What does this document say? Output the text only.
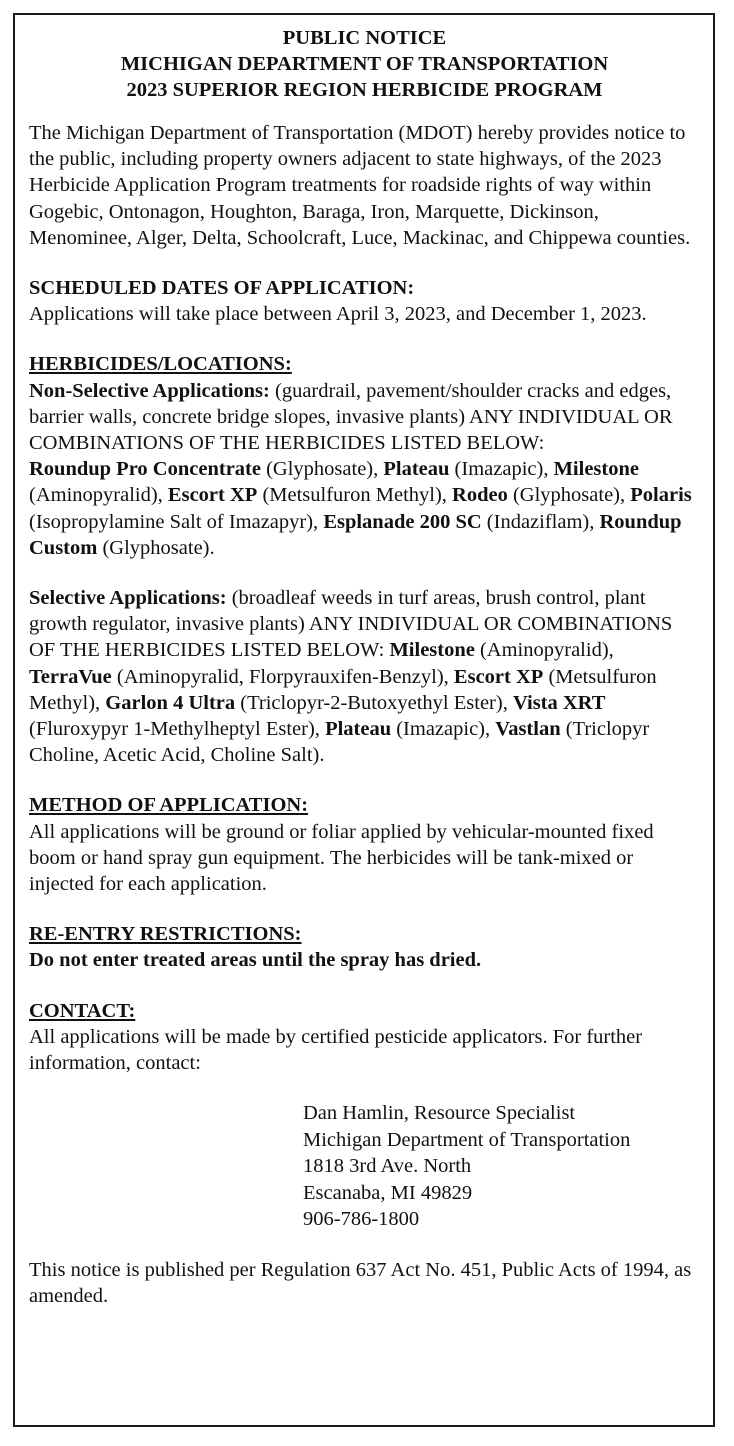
PUBLIC NOTICE
MICHIGAN DEPARTMENT OF TRANSPORTATION
2023 SUPERIOR REGION HERBICIDE PROGRAM

The Michigan Department of Transportation (MDOT) hereby provides notice to the public, including property owners adjacent to state highways, of the 2023 Herbicide Application Program treatments for roadside rights of way within Gogebic, Ontonagon, Houghton, Baraga, Iron, Marquette, Dickinson, Menominee, Alger, Delta, Schoolcraft, Luce, Mackinac, and Chippewa counties.

SCHEDULED DATES OF APPLICATION:

Applications will take place between April 3, 2023, and December 1, 2023.

HERBICIDES/LOCATIONS:

Non-Selective Applications: (guardrail, pavement/shoulder cracks and edges, barrier walls, concrete bridge slopes, invasive plants) ANY INDIVIDUAL OR COMBINATIONS OF THE HERBICIDES LISTED BELOW:
Roundup Pro Concentrate (Glyphosate), Plateau (Imazapic), Milestone (Aminopyralid), Escort XP (Metsulfuron Methyl), Rodeo (Glyphosate), Polaris (Isopropylamine Salt of Imazapyr), Esplanade 200 SC (Indaziflam), Roundup Custom (Glyphosate).

Selective Applications: (broadleaf weeds in turf areas, brush control, plant growth regulator, invasive plants) ANY INDIVIDUAL OR COMBINATIONS OF THE HERBICIDES LISTED BELOW: Milestone (Aminopyralid), TerraVue (Aminopyralid, Florpyrauxifen-Benzyl), Escort XP (Metsulfuron Methyl), Garlon 4 Ultra (Triclopyr-2-Butoxyethyl Ester), Vista XRT (Fluroxypyr 1-Methylheptyl Ester), Plateau (Imazapic), Vastlan (Triclopyr Choline, Acetic Acid, Choline Salt).

METHOD OF APPLICATION:

All applications will be ground or foliar applied by vehicular-mounted fixed boom or hand spray gun equipment. The herbicides will be tank-mixed or injected for each application.

RE-ENTRY RESTRICTIONS:

Do not enter treated areas until the spray has dried.

CONTACT:

All applications will be made by certified pesticide applicators. For further information, contact:

Dan Hamlin, Resource Specialist
Michigan Department of Transportation
1818 3rd Ave. North
Escanaba, MI 49829
906-786-1800

This notice is published per Regulation 637 Act No. 451, Public Acts of 1994, as amended.
